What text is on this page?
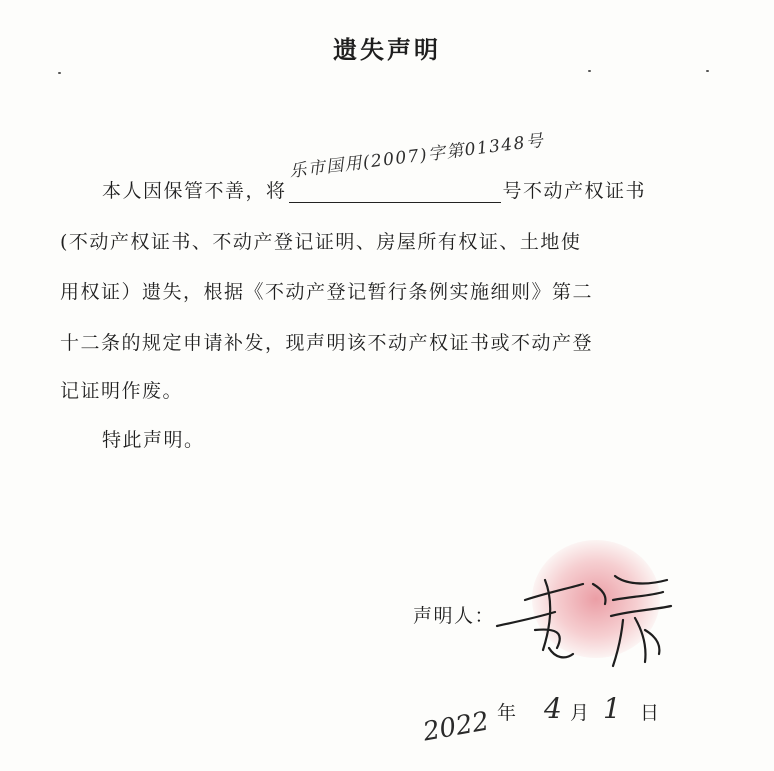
遗失声明
本人因保管不善，将
乐市国用(2007)字第01348号
号不动产权证书
(不动产权证书、不动产登记证明、房屋所有权证、土地使
用权证）遗失，根据《不动产登记暂行条例实施细则》第二
十二条的规定申请补发，现声明该不动产权证书或不动产登
记证明作废。
特此声明。
声明人：
2022 年 4 月 1 日
